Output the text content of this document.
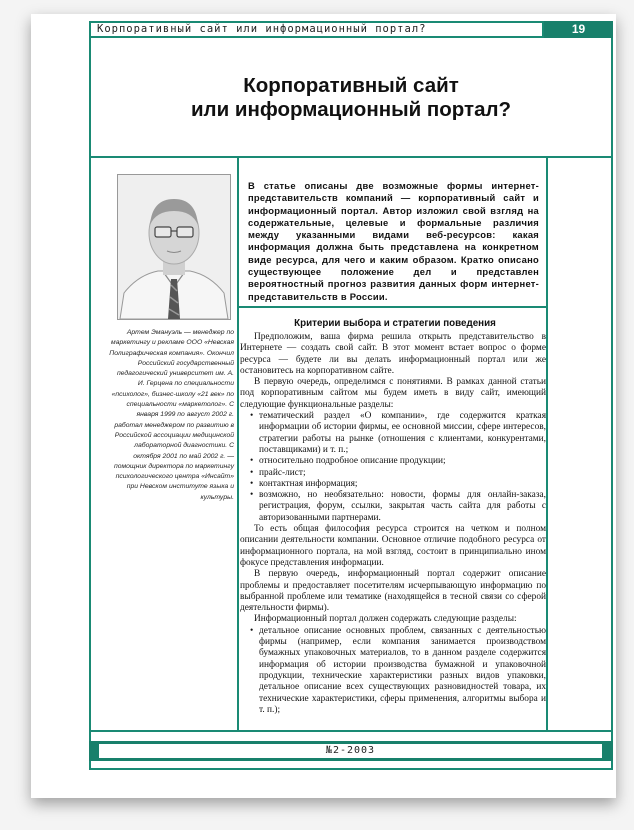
Корпоративный сайт или информационный портал?	19
Корпоративный сайт
или информационный портал?
В статье описаны две возможные формы интернет-представительств компаний — корпоративный сайт и информационный портал. Автор изложил свой взгляд на содержательные, целевые и формальные различия между указанными видами веб-ресурсов: какая информация должна быть представлена на конкретном виде ресурса, для чего и каким образом. Кратко описано существующее положение дел и представлен вероятностный прогноз развития данных форм интернет-представительств в России.
Артем Эмануэль — менеджер по маркетингу и рекламе ООО «Невская Полиграфическая компания». Окончил Российский государственный педагогический университет им. А. И. Герцена по специальности «психолог», бизнес-школу «21 век» по специальности «маркетолог». С января 1999 по август 2002 г. работал менеджером по развитию в Российской ассоциации медицинской лабораторной диагностики. С октября 2001 по май 2002 г. — помощник директора по маркетингу психологического центра «Инсайт» при Невском институте языка и культуры.
Критерии выбора и стратегии поведения

Предположим, ваша фирма решила открыть представительство в Интернете — создать свой сайт. В этот момент встает вопрос о форме ресурса — будете ли вы делать информационный портал или же остановитесь на корпоративном сайте.

В первую очередь, определимся с понятиями. В рамках данной статьи под корпоративным сайтом мы будем иметь в виду сайт, имеющий следующие функциональные разделы:

• тематический раздел «О компании», где содержится краткая информации об истории фирмы, ее основной миссии, сфере интересов, стратегии работы на рынке (отношения с клиентами, конкурентами, поставщиками) и т. п.;
• относительно подробное описание продукции;
• прайс-лист;
• контактная информация;
• возможно, но необязательно: новости, формы для онлайн-заказа, регистрация, форум, ссылки, закрытая часть сайта для работы с авторизованными партнерами.

То есть общая философия ресурса строится на четком и полном описании деятельности компании. Основное отличие подобного ресурса от информационного портала, на мой взгляд, состоит в принципиально ином фокусе представления информации.

В первую очередь, информационный портал содержит описание проблемы и предоставляет посетителям исчерпывающую информацию по выбранной проблеме или тематике (находящейся в тесной связи со сферой деятельности фирмы).

Информационный портал должен содержать следующие разделы:

• детальное описание основных проблем, связанных с деятельностью фирмы (например, если компания занимается производством бумажных упаковочных материалов, то в данном разделе содержится информация об истории производства бумажной и упаковочной продукции, технические характеристики разных видов упаковки, детальное описание всех существующих разновидностей товара, их технические характеристики, сферы применения, алгоритмы выбора и т. п.);
№2-2003
